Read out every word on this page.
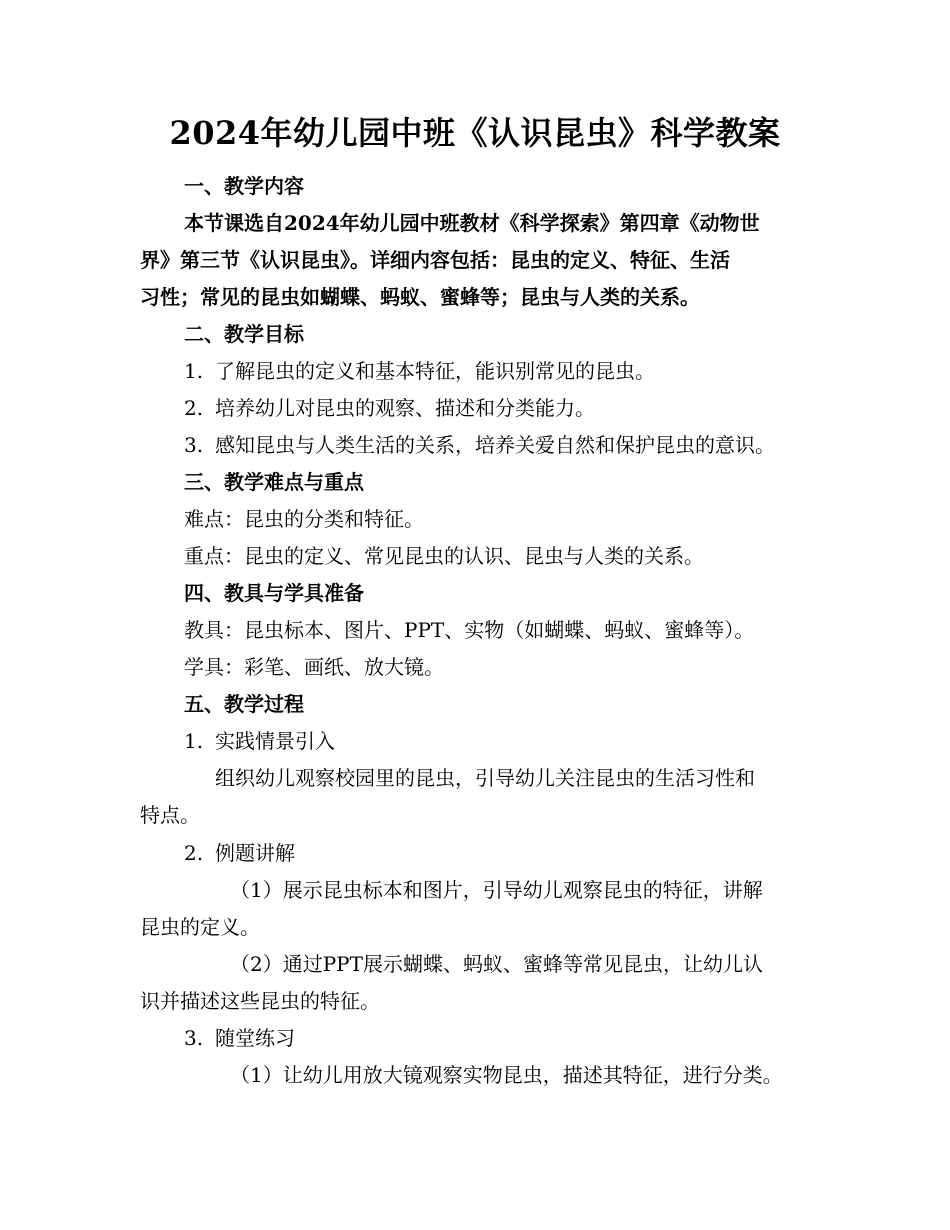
2024年幼儿园中班《认识昆虫》科学教案
一、教学内容
本节课选自2024年幼儿园中班教材《科学探索》第四章《动物世
界》第三节《认识昆虫》。详细内容包括：昆虫的定义、特征、生活
习性；常见的昆虫如蝴蝶、蚂蚁、蜜蜂等；昆虫与人类的关系。
二、教学目标
1. 了解昆虫的定义和基本特征，能识别常见的昆虫。
2. 培养幼儿对昆虫的观察、描述和分类能力。
3. 感知昆虫与人类生活的关系，培养关爱自然和保护昆虫的意识。
三、教学难点与重点
难点：昆虫的分类和特征。
重点：昆虫的定义、常见昆虫的认识、昆虫与人类的关系。
四、教具与学具准备
教具：昆虫标本、图片、PPT、实物（如蝴蝶、蚂蚁、蜜蜂等）。
学具：彩笔、画纸、放大镜。
五、教学过程
1. 实践情景引入
组织幼儿观察校园里的昆虫，引导幼儿关注昆虫的生活习性和
特点。
2. 例题讲解
（1）展示昆虫标本和图片，引导幼儿观察昆虫的特征，讲解
昆虫的定义。
（2）通过PPT展示蝴蝶、蚂蚁、蜜蜂等常见昆虫，让幼儿认
识并描述这些昆虫的特征。
3. 随堂练习
（1）让幼儿用放大镜观察实物昆虫，描述其特征，进行分类。
